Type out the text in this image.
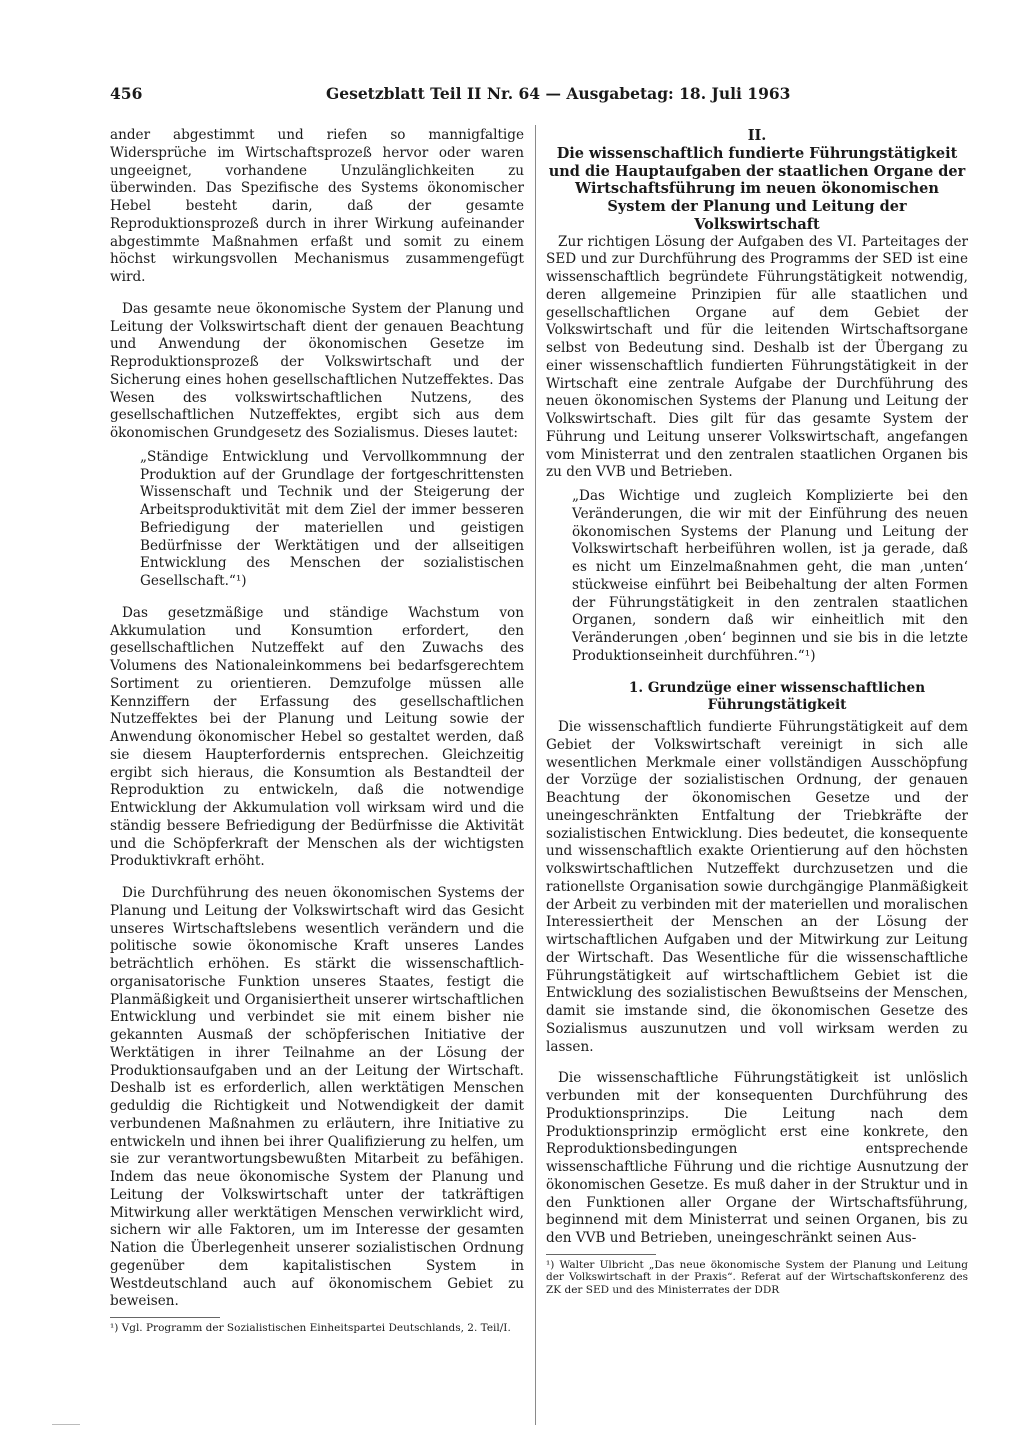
456	Gesetzblatt Teil II Nr. 64 — Ausgabetag: 18. Juli 1963

ander abgestimmt und riefen so mannigfaltige Widersprüche im Wirtschaftsprozeß hervor oder waren ungeeignet, vorhandene Unzulänglichkeiten zu überwinden. Das Spezifische des Systems ökonomischer Hebel besteht darin, daß der gesamte Reproduktionsprozeß durch in ihrer Wirkung aufeinander abgestimmte Maßnahmen erfaßt und somit zu einem höchst wirkungsvollen Mechanismus zusammengefügt wird.

Das gesamte neue ökonomische System der Planung und Leitung der Volkswirtschaft dient der genauen Beachtung und Anwendung der ökonomischen Gesetze im Reproduktionsprozeß der Volkswirtschaft und der Sicherung eines hohen gesellschaftlichen Nutzeffektes. Das Wesen des volkswirtschaftlichen Nutzens, des gesellschaftlichen Nutzeffektes, ergibt sich aus dem ökonomischen Grundgesetz des Sozialismus. Dieses lautet:

„Ständige Entwicklung und Vervollkommnung der Produktion auf der Grundlage der fortgeschrittensten Wissenschaft und Technik und der Steigerung der Arbeitsproduktivität mit dem Ziel der immer besseren Befriedigung der materiellen und geistigen Bedürfnisse der Werktätigen und der allseitigen Entwicklung des Menschen der sozialistischen Gesellschaft.“¹)

Das gesetzmäßige und ständige Wachstum von Akkumulation und Konsumtion erfordert, den gesellschaftlichen Nutzeffekt auf den Zuwachs des Volumens des Nationaleinkommens bei bedarfsgerechtem Sortiment zu orientieren. Demzufolge müssen alle Kennziffern der Erfassung des gesellschaftlichen Nutzeffektes bei der Planung und Leitung sowie der Anwendung ökonomischer Hebel so gestaltet werden, daß sie diesem Haupterfordernis entsprechen. Gleichzeitig ergibt sich hieraus, die Konsumtion als Bestandteil der Reproduktion zu entwickeln, daß die notwendige Entwicklung der Akkumulation voll wirksam wird und die ständig bessere Befriedigung der Bedürfnisse die Aktivität und die Schöpferkraft der Menschen als der wichtigsten Produktivkraft erhöht.

Die Durchführung des neuen ökonomischen Systems der Planung und Leitung der Volkswirtschaft wird das Gesicht unseres Wirtschaftslebens wesentlich verändern und die politische sowie ökonomische Kraft unseres Landes beträchtlich erhöhen. Es stärkt die wissenschaftlich-organisatorische Funktion unseres Staates, festigt die Planmäßigkeit und Organisiertheit unserer wirtschaftlichen Entwicklung und verbindet sie mit einem bisher nie gekannten Ausmaß der schöpferischen Initiative der Werktätigen in ihrer Teilnahme an der Lösung der Produktionsaufgaben und an der Leitung der Wirtschaft. Deshalb ist es erforderlich, allen werktätigen Menschen geduldig die Richtigkeit und Notwendigkeit der damit verbundenen Maßnahmen zu erläutern, ihre Initiative zu entwickeln und ihnen bei ihrer Qualifizierung zu helfen, um sie zur verantwortungsbewußten Mitarbeit zu befähigen. Indem das neue ökonomische System der Planung und Leitung der Volkswirtschaft unter der tatkräftigen Mitwirkung aller werktätigen Menschen verwirklicht wird, sichern wir alle Faktoren, um im Interesse der gesamten Nation die Überlegenheit unserer sozialistischen Ordnung gegenüber dem kapitalistischen System in Westdeutschland auch auf ökonomischem Gebiet zu beweisen.

¹) Vgl. Programm der Sozialistischen Einheitspartei Deutschlands, 2. Teil/I.

II.

Die wissenschaftlich fundierte Führungstätigkeit und die Hauptaufgaben der staatlichen Organe der Wirtschaftsführung im neuen ökonomischen System der Planung und Leitung der Volkswirtschaft

Zur richtigen Lösung der Aufgaben des VI. Parteitages der SED und zur Durchführung des Programms der SED ist eine wissenschaftlich begründete Führungstätigkeit notwendig, deren allgemeine Prinzipien für alle staatlichen und gesellschaftlichen Organe auf dem Gebiet der Volkswirtschaft und für die leitenden Wirtschaftsorgane selbst von Bedeutung sind. Deshalb ist der Übergang zu einer wissenschaftlich fundierten Führungstätigkeit in der Wirtschaft eine zentrale Aufgabe der Durchführung des neuen ökonomischen Systems der Planung und Leitung der Volkswirtschaft. Dies gilt für das gesamte System der Führung und Leitung unserer Volkswirtschaft, angefangen vom Ministerrat und den zentralen staatlichen Organen bis zu den VVB und Betrieben.

„Das Wichtige und zugleich Komplizierte bei den Veränderungen, die wir mit der Einführung des neuen ökonomischen Systems der Planung und Leitung der Volkswirtschaft herbeiführen wollen, ist ja gerade, daß es nicht um Einzelmaßnahmen geht, die man ‚unten‘ stückweise einführt bei Beibehaltung der alten Formen der Führungstätigkeit in den zentralen staatlichen Organen, sondern daß wir einheitlich mit den Veränderungen ‚oben‘ beginnen und sie bis in die letzte Produktionseinheit durchführen.“¹)

1. Grundzüge einer wissenschaftlichen Führungstätigkeit

Die wissenschaftlich fundierte Führungstätigkeit auf dem Gebiet der Volkswirtschaft vereinigt in sich alle wesentlichen Merkmale einer vollständigen Ausschöpfung der Vorzüge der sozialistischen Ordnung, der genauen Beachtung der ökonomischen Gesetze und der uneingeschränkten Entfaltung der Triebkräfte der sozialistischen Entwicklung. Dies bedeutet, die konsequente und wissenschaftlich exakte Orientierung auf den höchsten volkswirtschaftlichen Nutzeffekt durchzusetzen und die rationellste Organisation sowie durchgängige Planmäßigkeit der Arbeit zu verbinden mit der materiellen und moralischen Interessiertheit der Menschen an der Lösung der wirtschaftlichen Aufgaben und der Mitwirkung zur Leitung der Wirtschaft. Das Wesentliche für die wissenschaftliche Führungstätigkeit auf wirtschaftlichem Gebiet ist die Entwicklung des sozialistischen Bewußtseins der Menschen, damit sie imstande sind, die ökonomischen Gesetze des Sozialismus auszunutzen und voll wirksam werden zu lassen.

Die wissenschaftliche Führungstätigkeit ist unlöslich verbunden mit der konsequenten Durchführung des Produktionsprinzips. Die Leitung nach dem Produktionsprinzip ermöglicht erst eine konkrete, den Reproduktionsbedingungen entsprechende wissenschaftliche Führung und die richtige Ausnutzung der ökonomischen Gesetze. Es muß daher in der Struktur und in den Funktionen aller Organe der Wirtschaftsführung, beginnend mit dem Ministerrat und seinen Organen, bis zu den VVB und Betrieben, uneingeschränkt seinen Aus-

¹) Walter Ulbricht „Das neue ökonomische System der Planung und Leitung der Volkswirtschaft in der Praxis“. Referat auf der Wirtschaftskonferenz des ZK der SED und des Ministerrates der DDR
